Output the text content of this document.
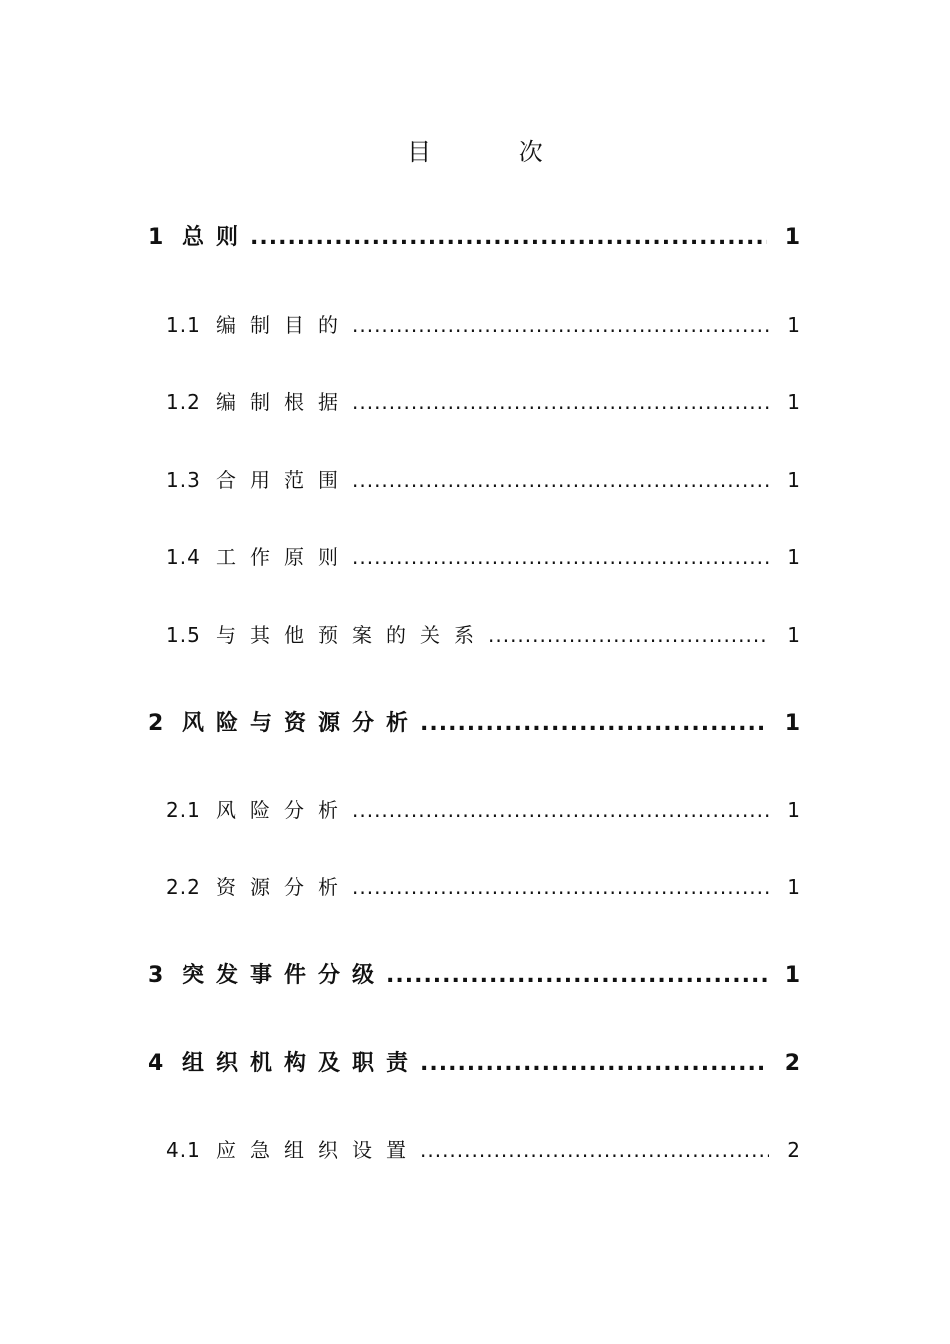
目 次
1 总则 .....	1
1.1 编制目的 .....	1
1.2 编制根据 .....	1
1.3 合用范围 .....	1
1.4 工作原则 .....	1
1.5 与其他预案的关系 .....	1
2 风险与资源分析 .....	1
2.1 风险分析 .....	1
2.2 资源分析 .....	1
3 突发事件分级 .....	1
4 组织机构及职责 .....	2
4.1 应急组织设置 .....	2
